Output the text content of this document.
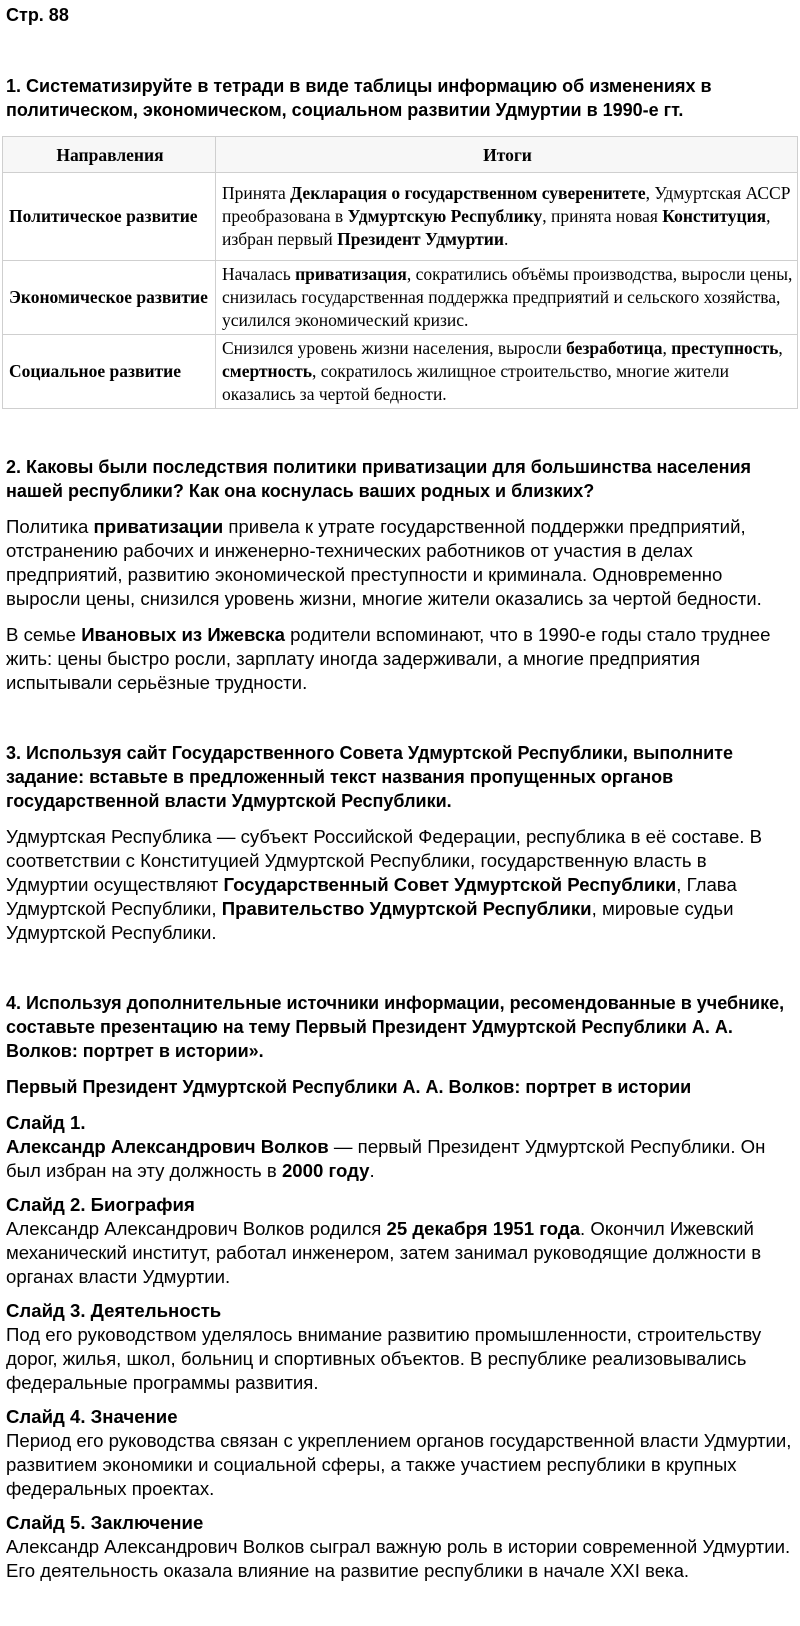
Стр. 88
1. Систематизируйте в тетради в виде таблицы информацию об изменениях в политическом, экономическом, социальном развитии Удмуртии в 1990-е гт.
Направления	Итоги
Политическое развитие	Принята Декларация о государственном суверенитете, Удмуртская АССР преобразована в Удмуртскую Республику, принята новая Конституция, избран первый Президент Удмуртии.
Экономическое развитие	Началась приватизация, сократились объёмы производства, выросли цены, снизилась государственная поддержка предприятий и сельского хозяйства, усилился экономический кризис.
Социальное развитие	Снизился уровень жизни населения, выросли безработица, преступность, смертность, сократилось жилищное строительство, многие жители оказались за чертой бедности.
2. Каковы были последствия политики приватизации для большинства населения нашей республики? Как она коснулась ваших родных и близких?

Политика приватизации привела к утрате государственной поддержки предприятий, отстранению рабочих и инженерно-технических работников от участия в делах предприятий, развитию экономической преступности и криминала. Одновременно выросли цены, снизился уровень жизни, многие жители оказались за чертой бедности.

В семье Ивановых из Ижевска родители вспоминают, что в 1990-е годы стало труднее жить: цены быстро росли, зарплату иногда задерживали, а многие предприятия испытывали серьёзные трудности.

3. Используя сайт Государственного Совета Удмуртской Республики, выполните задание: вставьте в предложенный текст названия пропущенных органов государственной власти Удмуртской Республики.

Удмуртская Республика — субъект Российской Федерации, республика в её составе. В соответствии с Конституцией Удмуртской Республики, государственную власть в Удмуртии осуществляют Государственный Совет Удмуртской Республики, Глава Удмуртской Республики, Правительство Удмуртской Республики, мировые судьи Удмуртской Республики.

4. Используя дополнительные источники информации, ресомендованные в учебнике, составьте презентацию на тему Первый Президент Удмуртской Республики А. А. Волков: портрет в истории».
Первый Президент Удмуртской Республики А. А. Волков: портрет в истории
Слайд 1.

Александр Александрович Волков — первый Президент Удмуртской Республики. Он был избран на эту должность в 2000 году.

Слайд 2. Биография

Александр Александрович Волков родился 25 декабря 1951 года. Окончил Ижевский механический институт, работал инженером, затем занимал руководящие должности в органах власти Удмуртии.

Слайд 3. Деятельность

Под его руководством уделялось внимание развитию промышленности, строительству дорог, жилья, школ, больниц и спортивных объектов. В республике реализовывались федеральные программы развития.

Слайд 4. Значение

Период его руководства связан с укреплением органов государственной власти Удмуртии, развитием экономики и социальной сферы, а также участием республики в крупных федеральных проектах.

Слайд 5. Заключение

Александр Александрович Волков сыграл важную роль в истории современной Удмуртии. Его деятельность оказала влияние на развитие республики в начале XXI века.
